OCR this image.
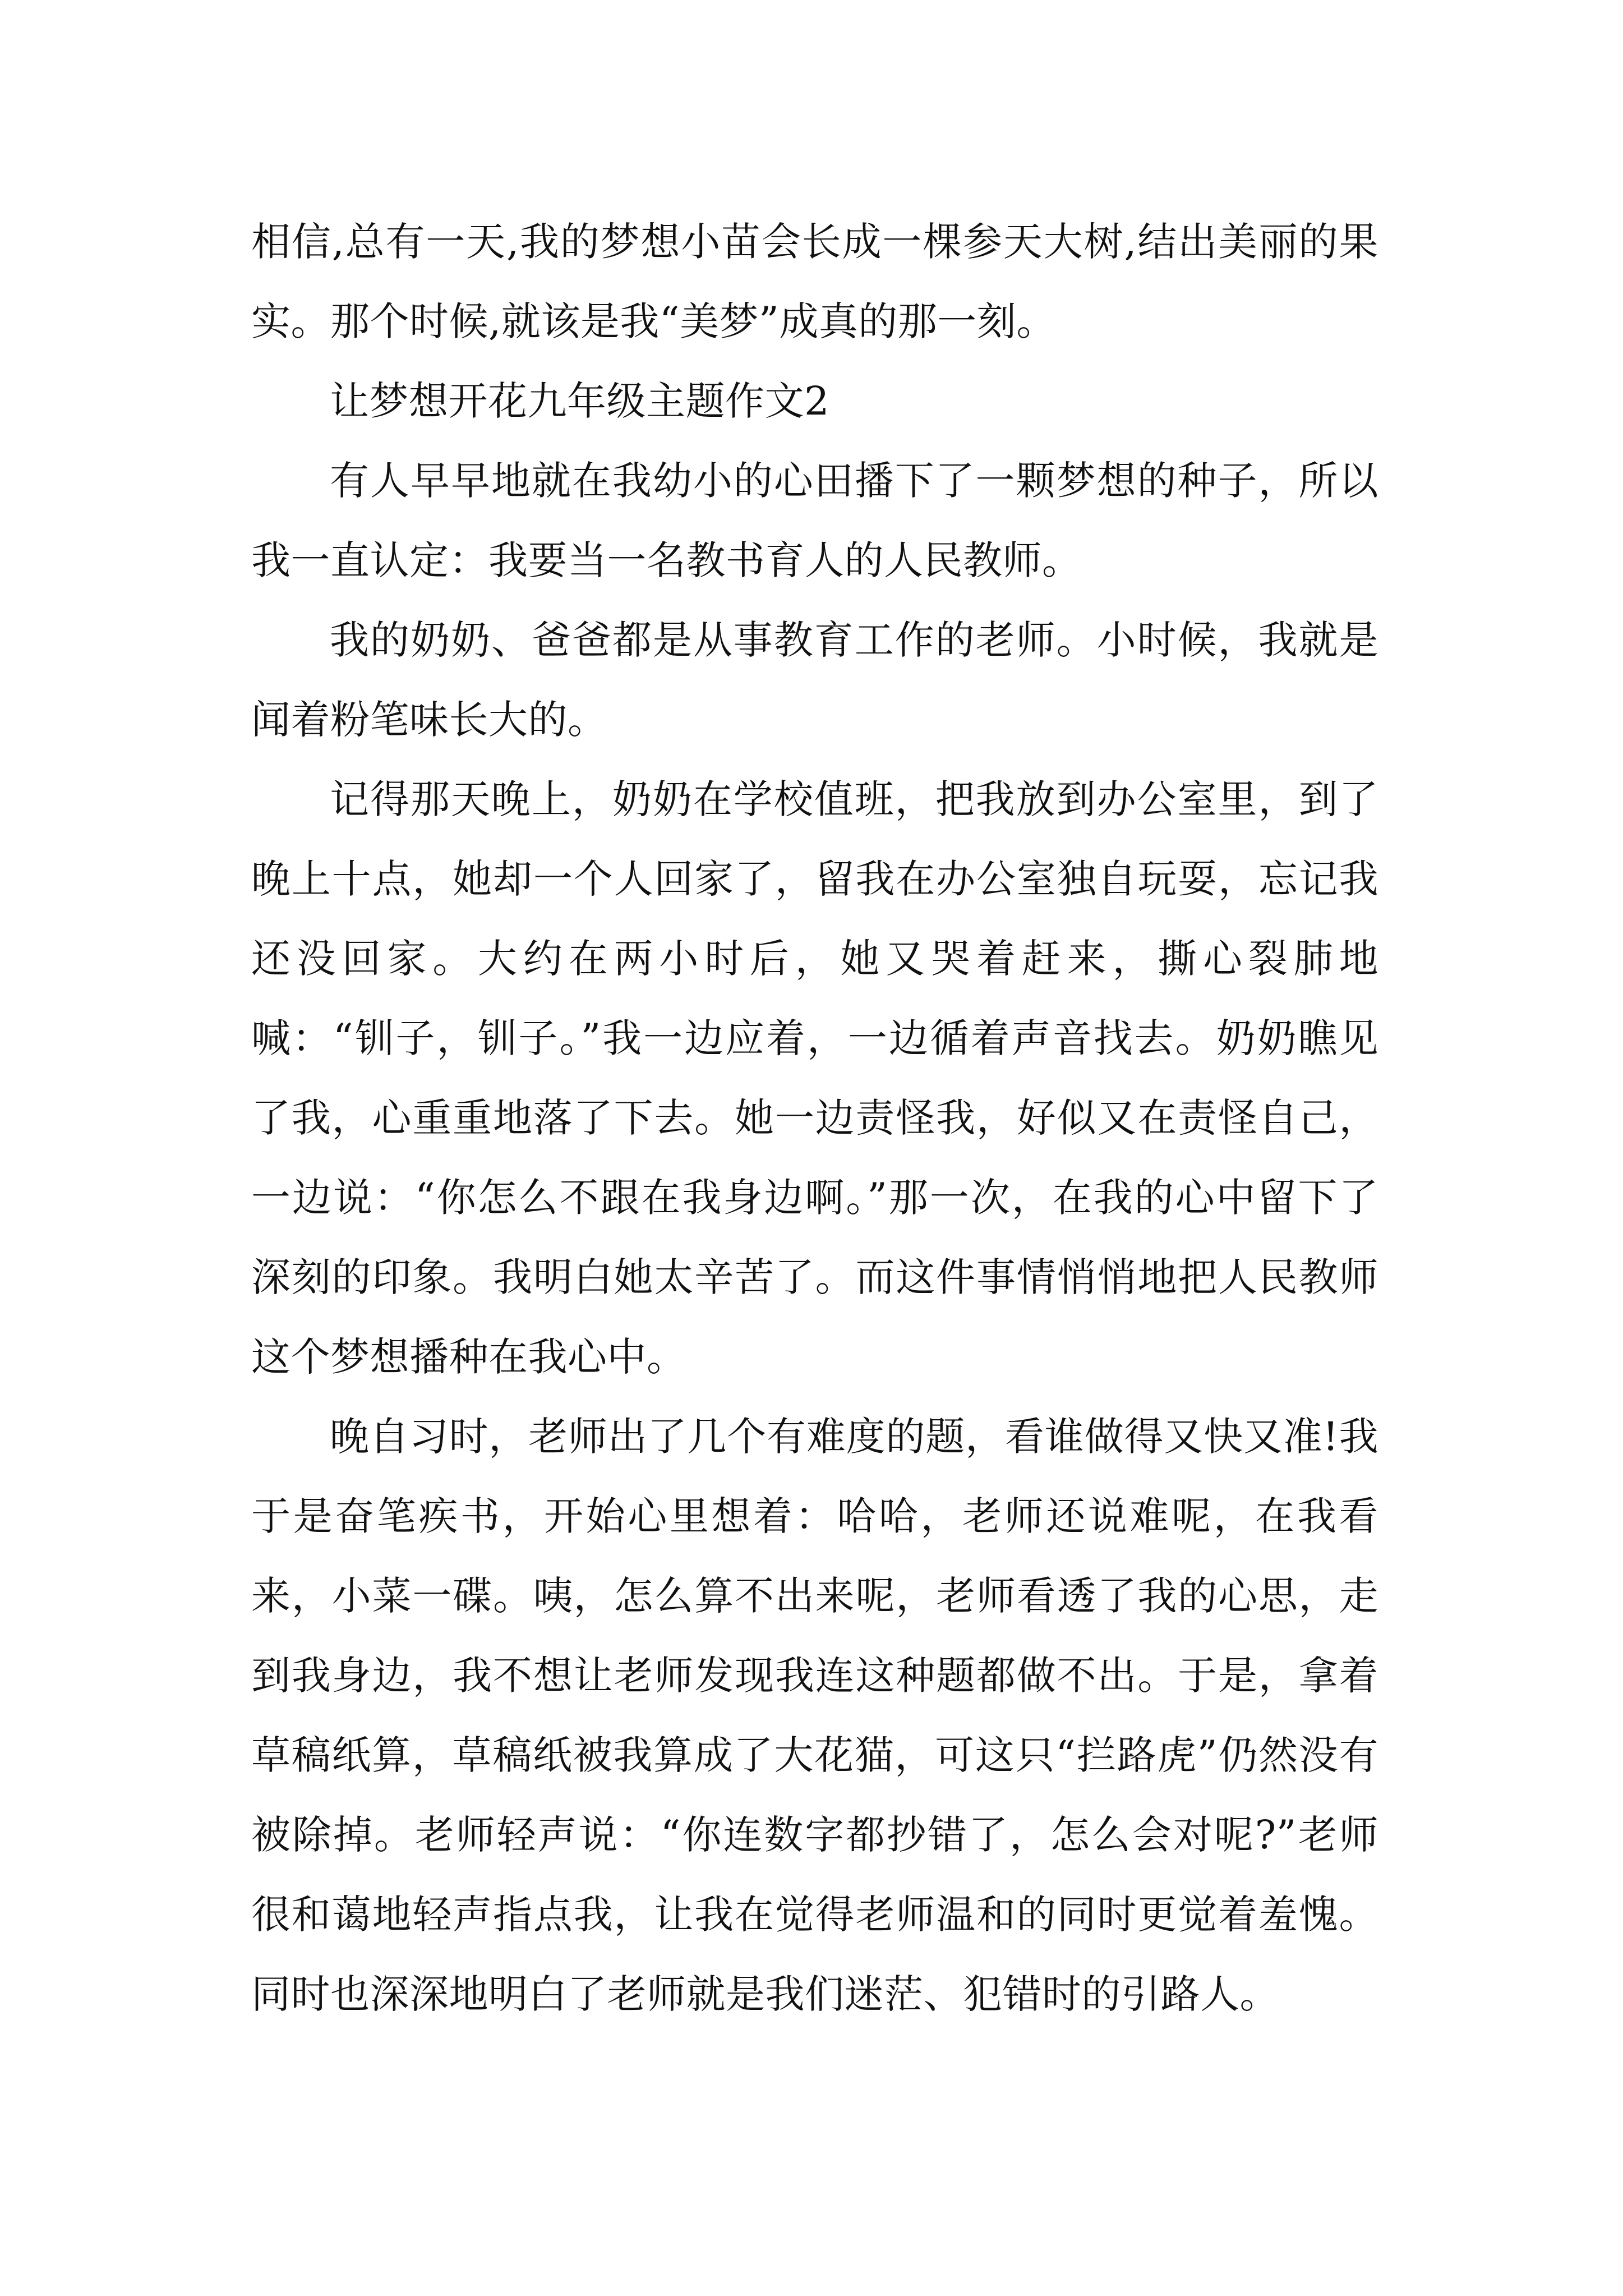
相信,总有一天,我的梦想小苗会长成一棵参天大树,结出美丽的果实。那个时候,就该是我“美梦”成真的那一刻。

让梦想开花九年级主题作文2

有人早早地就在我幼小的心田播下了一颗梦想的种子，所以我一直认定：我要当一名教书育人的人民教师。

我的奶奶、爸爸都是从事教育工作的老师。小时候，我就是闻着粉笔味长大的。

记得那天晚上，奶奶在学校值班，把我放到办公室里，到了晚上十点，她却一个人回家了，留我在办公室独自玩耍，忘记我还没回家。大约在两小时后，她又哭着赶来，撕心裂肺地喊：“钏子，钏子。”我一边应着，一边循着声音找去。奶奶瞧见了我，心重重地落了下去。她一边责怪我，好似又在责怪自己，一边说：“你怎么不跟在我身边啊。”那一次，在我的心中留下了深刻的印象。我明白她太辛苦了。而这件事情悄悄地把人民教师这个梦想播种在我心中。

晚自习时，老师出了几个有难度的题，看谁做得又快又准!我于是奋笔疾书，开始心里想着：哈哈，老师还说难呢，在我看来，小菜一碟。咦，怎么算不出来呢，老师看透了我的心思，走到我身边，我不想让老师发现我连这种题都做不出。于是，拿着草稿纸算，草稿纸被我算成了大花猫，可这只“拦路虎”仍然没有被除掉。老师轻声说：“你连数字都抄错了，怎么会对呢?”老师很和蔼地轻声指点我，让我在觉得老师温和的同时更觉着羞愧。同时也深深地明白了老师就是我们迷茫、犯错时的引路人。
